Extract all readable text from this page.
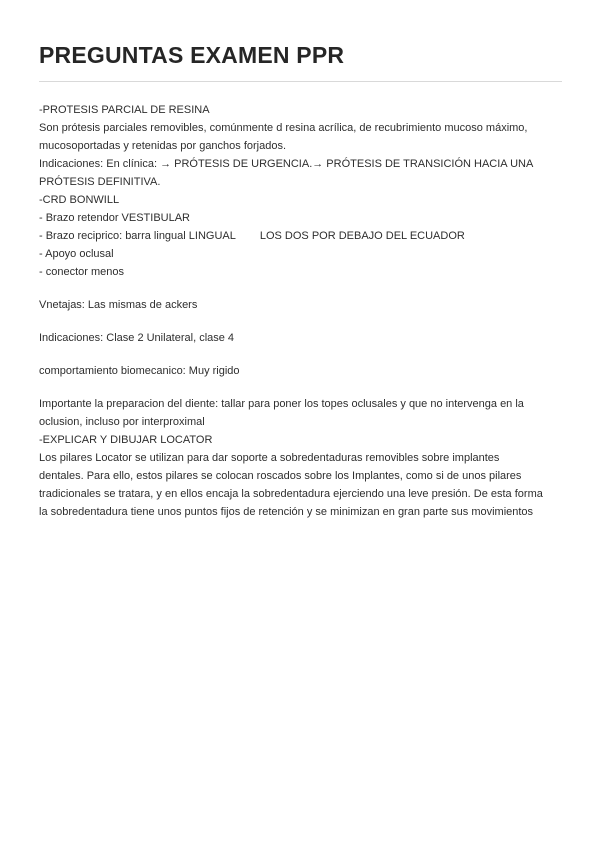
PREGUNTAS EXAMEN PPR
-PROTESIS PARCIAL DE RESINA
Son prótesis parciales removibles, comúnmente d resina acrílica, de recubrimiento mucoso máximo,
mucosoportadas y retenidas por ganchos forjados.
Indicaciones: En clínica: → PRÓTESIS DE URGENCIA.→ PRÓTESIS DE TRANSICIÓN HACIA UNA
PRÓTESIS DEFINITIVA.
-CRD BONWILL
- Brazo retendor VESTIBULAR
- Brazo reciprico: barra lingual LINGUAL LOS DOS POR DEBAJO DEL ECUADOR
- Apoyo oclusal
- conector menos
Vnetajas: Las mismas de ackers
Indicaciones: Clase 2 Unilateral, clase 4
comportamiento biomecanico: Muy rigido
Importante la preparacion del diente: tallar para poner los topes oclusales y que no intervenga en la
oclusion, incluso por interproximal
-EXPLICAR Y DIBUJAR LOCATOR
Los pilares Locator se utilizan para dar soporte a sobredentaduras removibles sobre implantes
dentales. Para ello, estos pilares se colocan roscados sobre los Implantes, como si de unos pilares
tradicionales se tratara, y en ellos encaja la sobredentadura ejerciendo una leve presión. De esta forma
la sobredentadura tiene unos puntos fijos de retención y se minimizan en gran parte sus movimientos
